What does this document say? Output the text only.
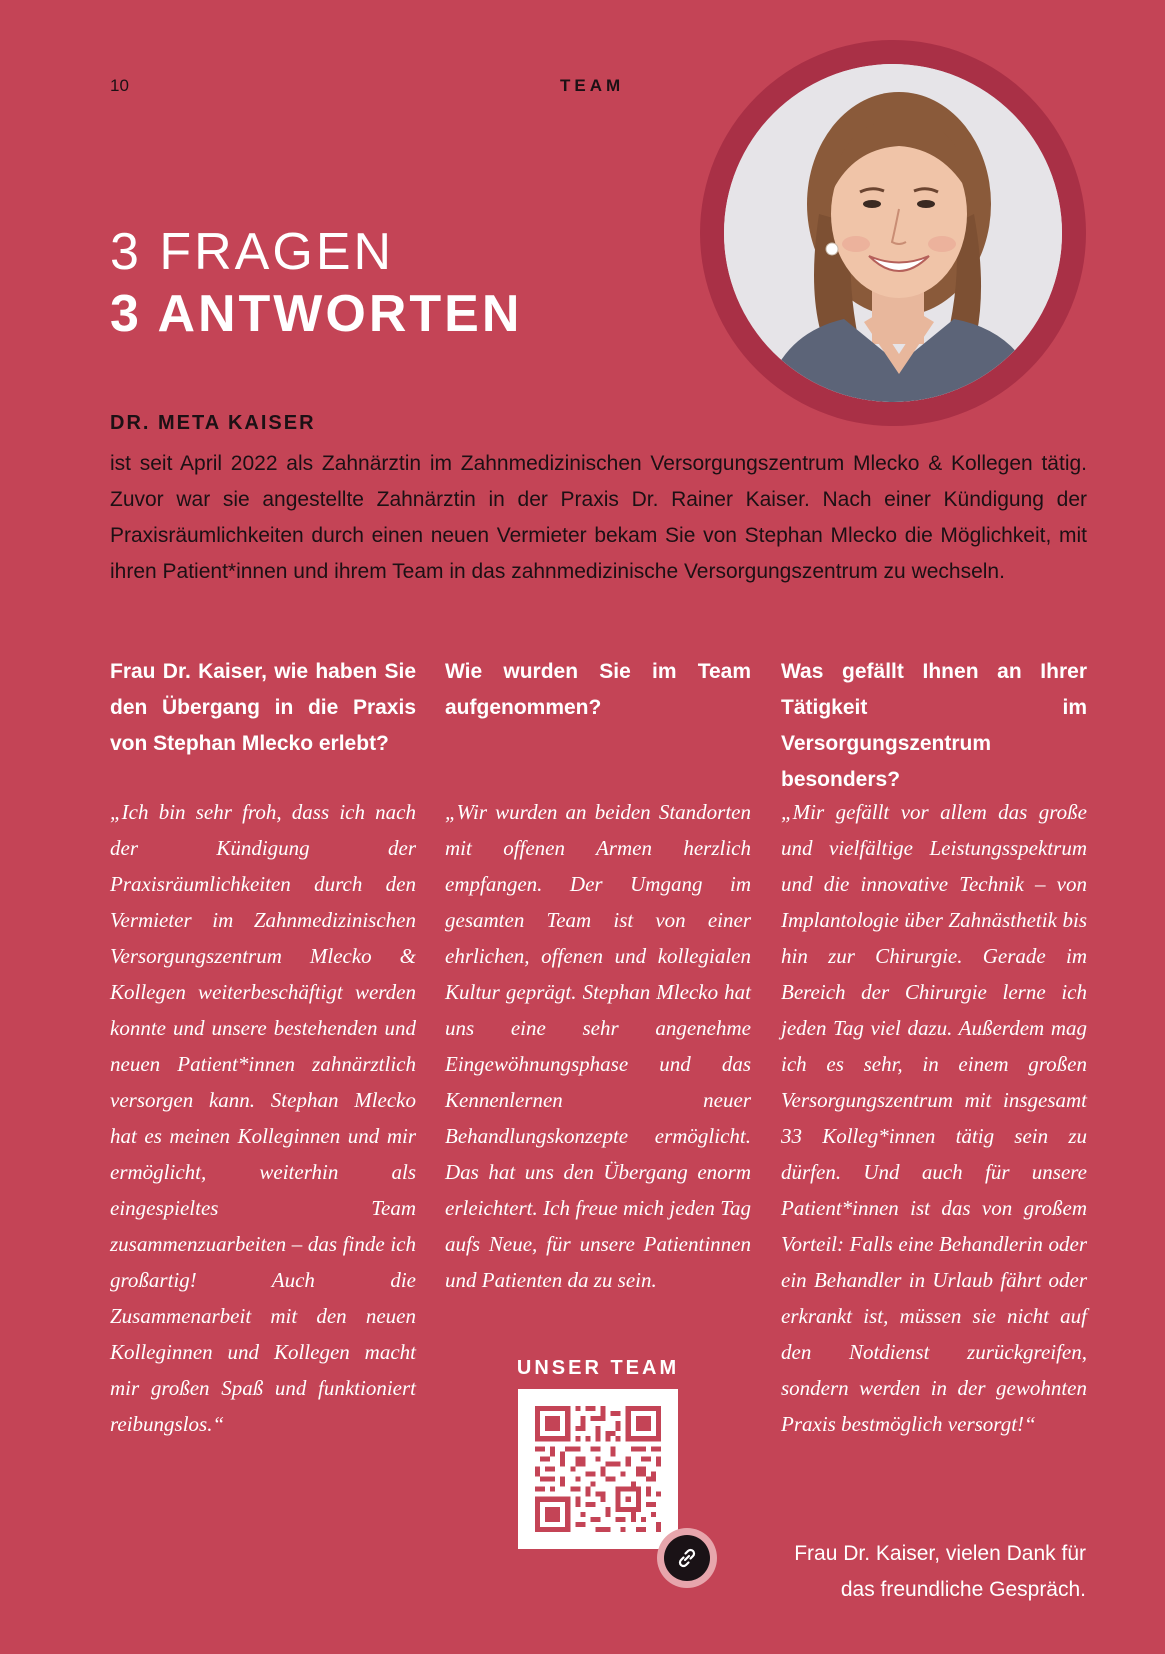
10	TEAM
3 FRAGEN
3 ANTWORTEN
DR. META KAISER

ist seit April 2022 als Zahnärztin im Zahnmedizinischen Versorgungszentrum Mlecko & Kollegen tätig. Zuvor war sie angestellte Zahnärztin in der Praxis Dr. Rainer Kaiser. Nach einer Kündigung der Praxisräumlichkeiten durch einen neuen Vermieter bekam Sie von Stephan Mlecko die Möglichkeit, mit ihren Patient*innen und ihrem Team in das zahnmedizinische Versorgungszentrum zu wechseln.

Frau Dr. Kaiser, wie haben Sie den Übergang in die Praxis von Stephan Mlecko erlebt?

„Ich bin sehr froh, dass ich nach der Kündigung der Praxisräumlichkeiten durch den Vermieter im Zahnmedizinischen Versorgungszentrum Mlecko & Kollegen weiterbeschäftigt werden konnte und unsere bestehenden und neuen Patient*innen zahnärztlich versorgen kann. Stephan Mlecko hat es meinen Kolleginnen und mir ermöglicht, weiterhin als eingespieltes Team zusammenzuarbeiten – das finde ich großartig! Auch die Zusammenarbeit mit den neuen Kolleginnen und Kollegen macht mir großen Spaß und funktioniert reibungslos.“

Wie wurden Sie im Team aufgenommen?

„Wir wurden an beiden Standorten mit offenen Armen herzlich empfangen. Der Umgang im gesamten Team ist von einer ehrlichen, offenen und kollegialen Kultur geprägt. Stephan Mlecko hat uns eine sehr angenehme Eingewöhnungsphase und das Kennenlernen neuer Behandlungskonzepte ermöglicht. Das hat uns den Übergang enorm erleichtert. Ich freue mich jeden Tag aufs Neue, für unsere Patientinnen und Patienten da zu sein.

Was gefällt Ihnen an Ihrer Tätigkeit im Versorgungszentrum besonders?

„Mir gefällt vor allem das große und vielfältige Leistungsspektrum und die innovative Technik – von Implantologie über Zahnästhetik bis hin zur Chirurgie. Gerade im Bereich der Chirurgie lerne ich jeden Tag viel dazu. Außerdem mag ich es sehr, in einem großen Versorgungszentrum mit insgesamt 33 Kolleg*innen tätig sein zu dürfen. Und auch für unsere Patient*innen ist das von großem Vorteil: Falls eine Behandlerin oder ein Behandler in Urlaub fährt oder erkrankt ist, müssen sie nicht auf den Notdienst zurückgreifen, sondern werden in der gewohnten Praxis bestmöglich versorgt!“

UNSER TEAM

Frau Dr. Kaiser, vielen Dank für
das freundliche Gespräch.
